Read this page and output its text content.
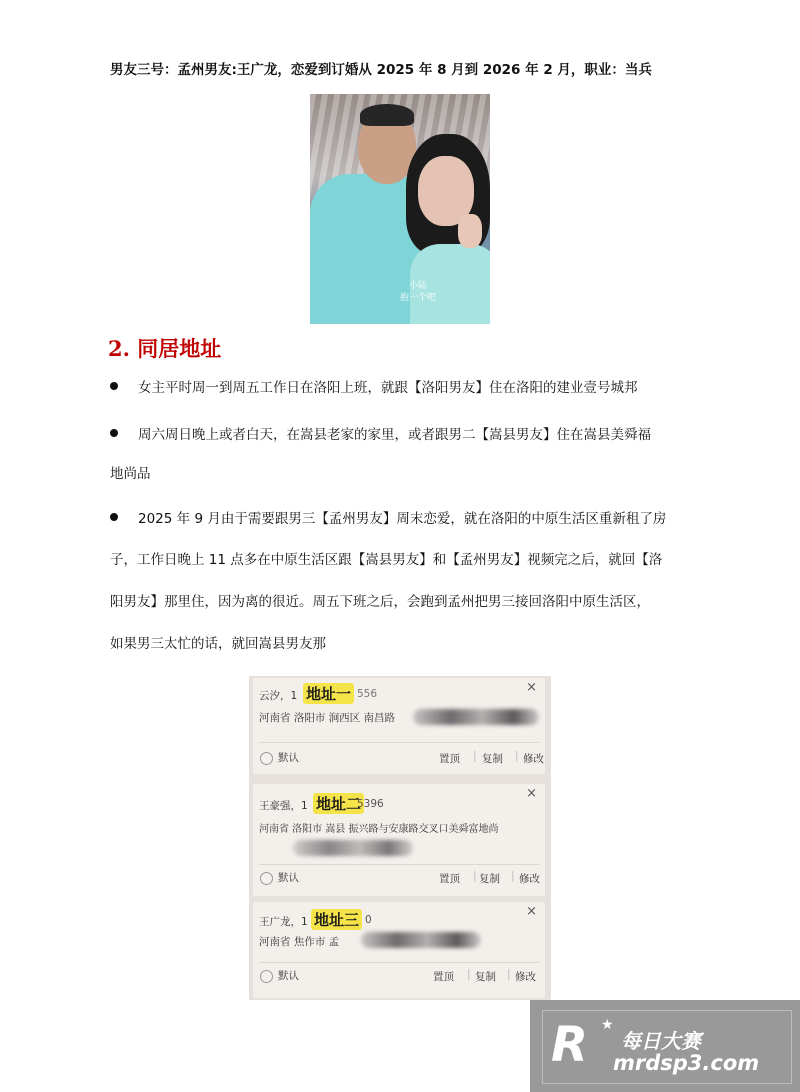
男友三号：孟州男友:王广龙，恋爱到订婚从 2025 年 8 月到 2026 年 2 月，职业：当兵
小陆
抱一个吧
2. 同居地址
女主平时周一到周五工作日在洛阳上班，就跟【洛阳男友】住在洛阳的建业壹号城邦
周六周日晚上或者白天，在嵩县老家的家里，或者跟男二【嵩县男友】住在嵩县美舜福
地尚品
2025 年 9 月由于需要跟男三【孟州男友】周末恋爱，就在洛阳的中原生活区重新租了房
子，工作日晚上 11 点多在中原生活区跟【嵩县男友】和【孟州男友】视频完之后，就回【洛
阳男友】那里住，因为离的很近。周五下班之后，会跑到孟州把男三接回洛阳中原生活区，
如果男三太忙的话，就回嵩县男友那
×
云汐，1 地址一 556
河南省 洛阳市 涧西区 南昌路
默认	置顶 | 复制 | 修改
×
王豪强，1 地址二
5396
河南省 洛阳市 嵩县 振兴路与安康路交叉口美舜富地尚
默认	置顶 | 复制 | 修改
×
王广龙，1 地址三 0
河南省 焦作市 孟
默认	置顶 | 复制 | 修改
R ★
每日大赛
mrdsp3.com
